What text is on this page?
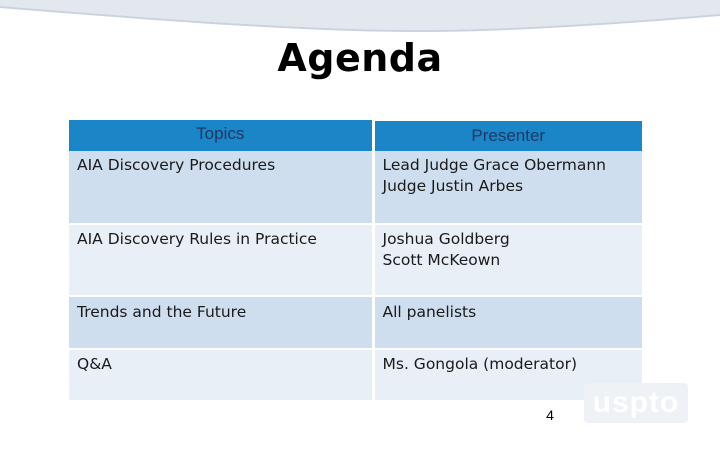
Agenda
Topics	Presenter
AIA Discovery Procedures	Lead Judge Grace Obermann
Judge Justin Arbes

AIA Discovery Rules in Practice	Joshua Goldberg
Scott McKeown

Trends and the Future	All panelists

Q&A	Ms. Gongola (moderator)
4 uspto
